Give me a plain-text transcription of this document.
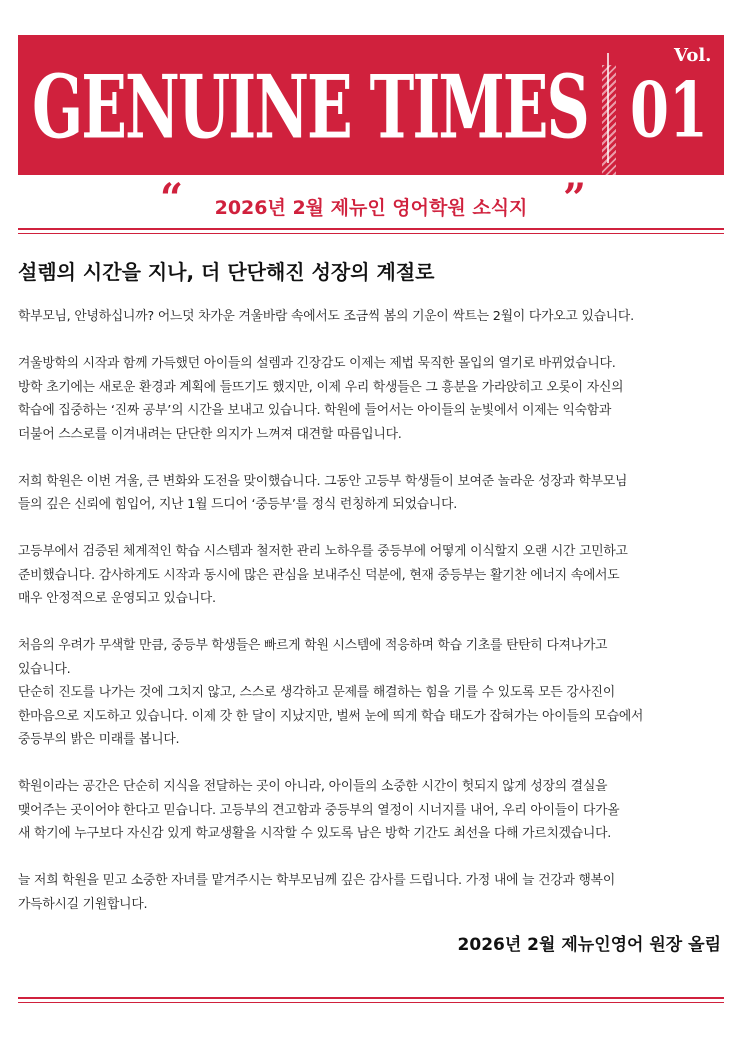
GENUINE TIMES
Vol.
01
“	2026년 2월 제뉴인 영어학원 소식지 ”
설렘의 시간을 지나, 더 단단해진 성장의 계절로

학부모님, 안녕하십니까? 어느덧 차가운 겨울바람 속에서도 조금씩 봄의 기운이 싹트는 2월이 다가오고 있습니다.

겨울방학의 시작과 함께 가득했던 아이들의 설렘과 긴장감도 이제는 제법 묵직한 몰입의 열기로 바뀌었습니다.
방학 초기에는 새로운 환경과 계획에 들뜨기도 했지만, 이제 우리 학생들은 그 흥분을 가라앉히고 오롯이 자신의
학습에 집중하는 ‘진짜 공부’의 시간을 보내고 있습니다. 학원에 들어서는 아이들의 눈빛에서 이제는 익숙함과
더불어 스스로를 이겨내려는 단단한 의지가 느껴져 대견할 따름입니다.

저희 학원은 이번 겨울, 큰 변화와 도전을 맞이했습니다. 그동안 고등부 학생들이 보여준 놀라운 성장과 학부모님
들의 깊은 신뢰에 힘입어, 지난 1월 드디어 ‘중등부’를 정식 런칭하게 되었습니다.

고등부에서 검증된 체계적인 학습 시스템과 철저한 관리 노하우를 중등부에 어떻게 이식할지 오랜 시간 고민하고
준비했습니다. 감사하게도 시작과 동시에 많은 관심을 보내주신 덕분에, 현재 중등부는 활기찬 에너지 속에서도
매우 안정적으로 운영되고 있습니다.

처음의 우려가 무색할 만큼, 중등부 학생들은 빠르게 학원 시스템에 적응하며 학습 기초를 탄탄히 다져나가고
있습니다.
단순히 진도를 나가는 것에 그치지 않고, 스스로 생각하고 문제를 해결하는 힘을 기를 수 있도록 모든 강사진이
한마음으로 지도하고 있습니다. 이제 갓 한 달이 지났지만, 벌써 눈에 띄게 학습 태도가 잡혀가는 아이들의 모습에서
중등부의 밝은 미래를 봅니다.

학원이라는 공간은 단순히 지식을 전달하는 곳이 아니라, 아이들의 소중한 시간이 헛되지 않게 성장의 결실을
맺어주는 곳이어야 한다고 믿습니다. 고등부의 견고함과 중등부의 열정이 시너지를 내어, 우리 아이들이 다가올
새 학기에 누구보다 자신감 있게 학교생활을 시작할 수 있도록 남은 방학 기간도 최선을 다해 가르치겠습니다.

늘 저희 학원을 믿고 소중한 자녀를 맡겨주시는 학부모님께 깊은 감사를 드립니다. 가정 내에 늘 건강과 행복이
가득하시길 기원합니다.

2026년 2월 제뉴인영어 원장 올림
